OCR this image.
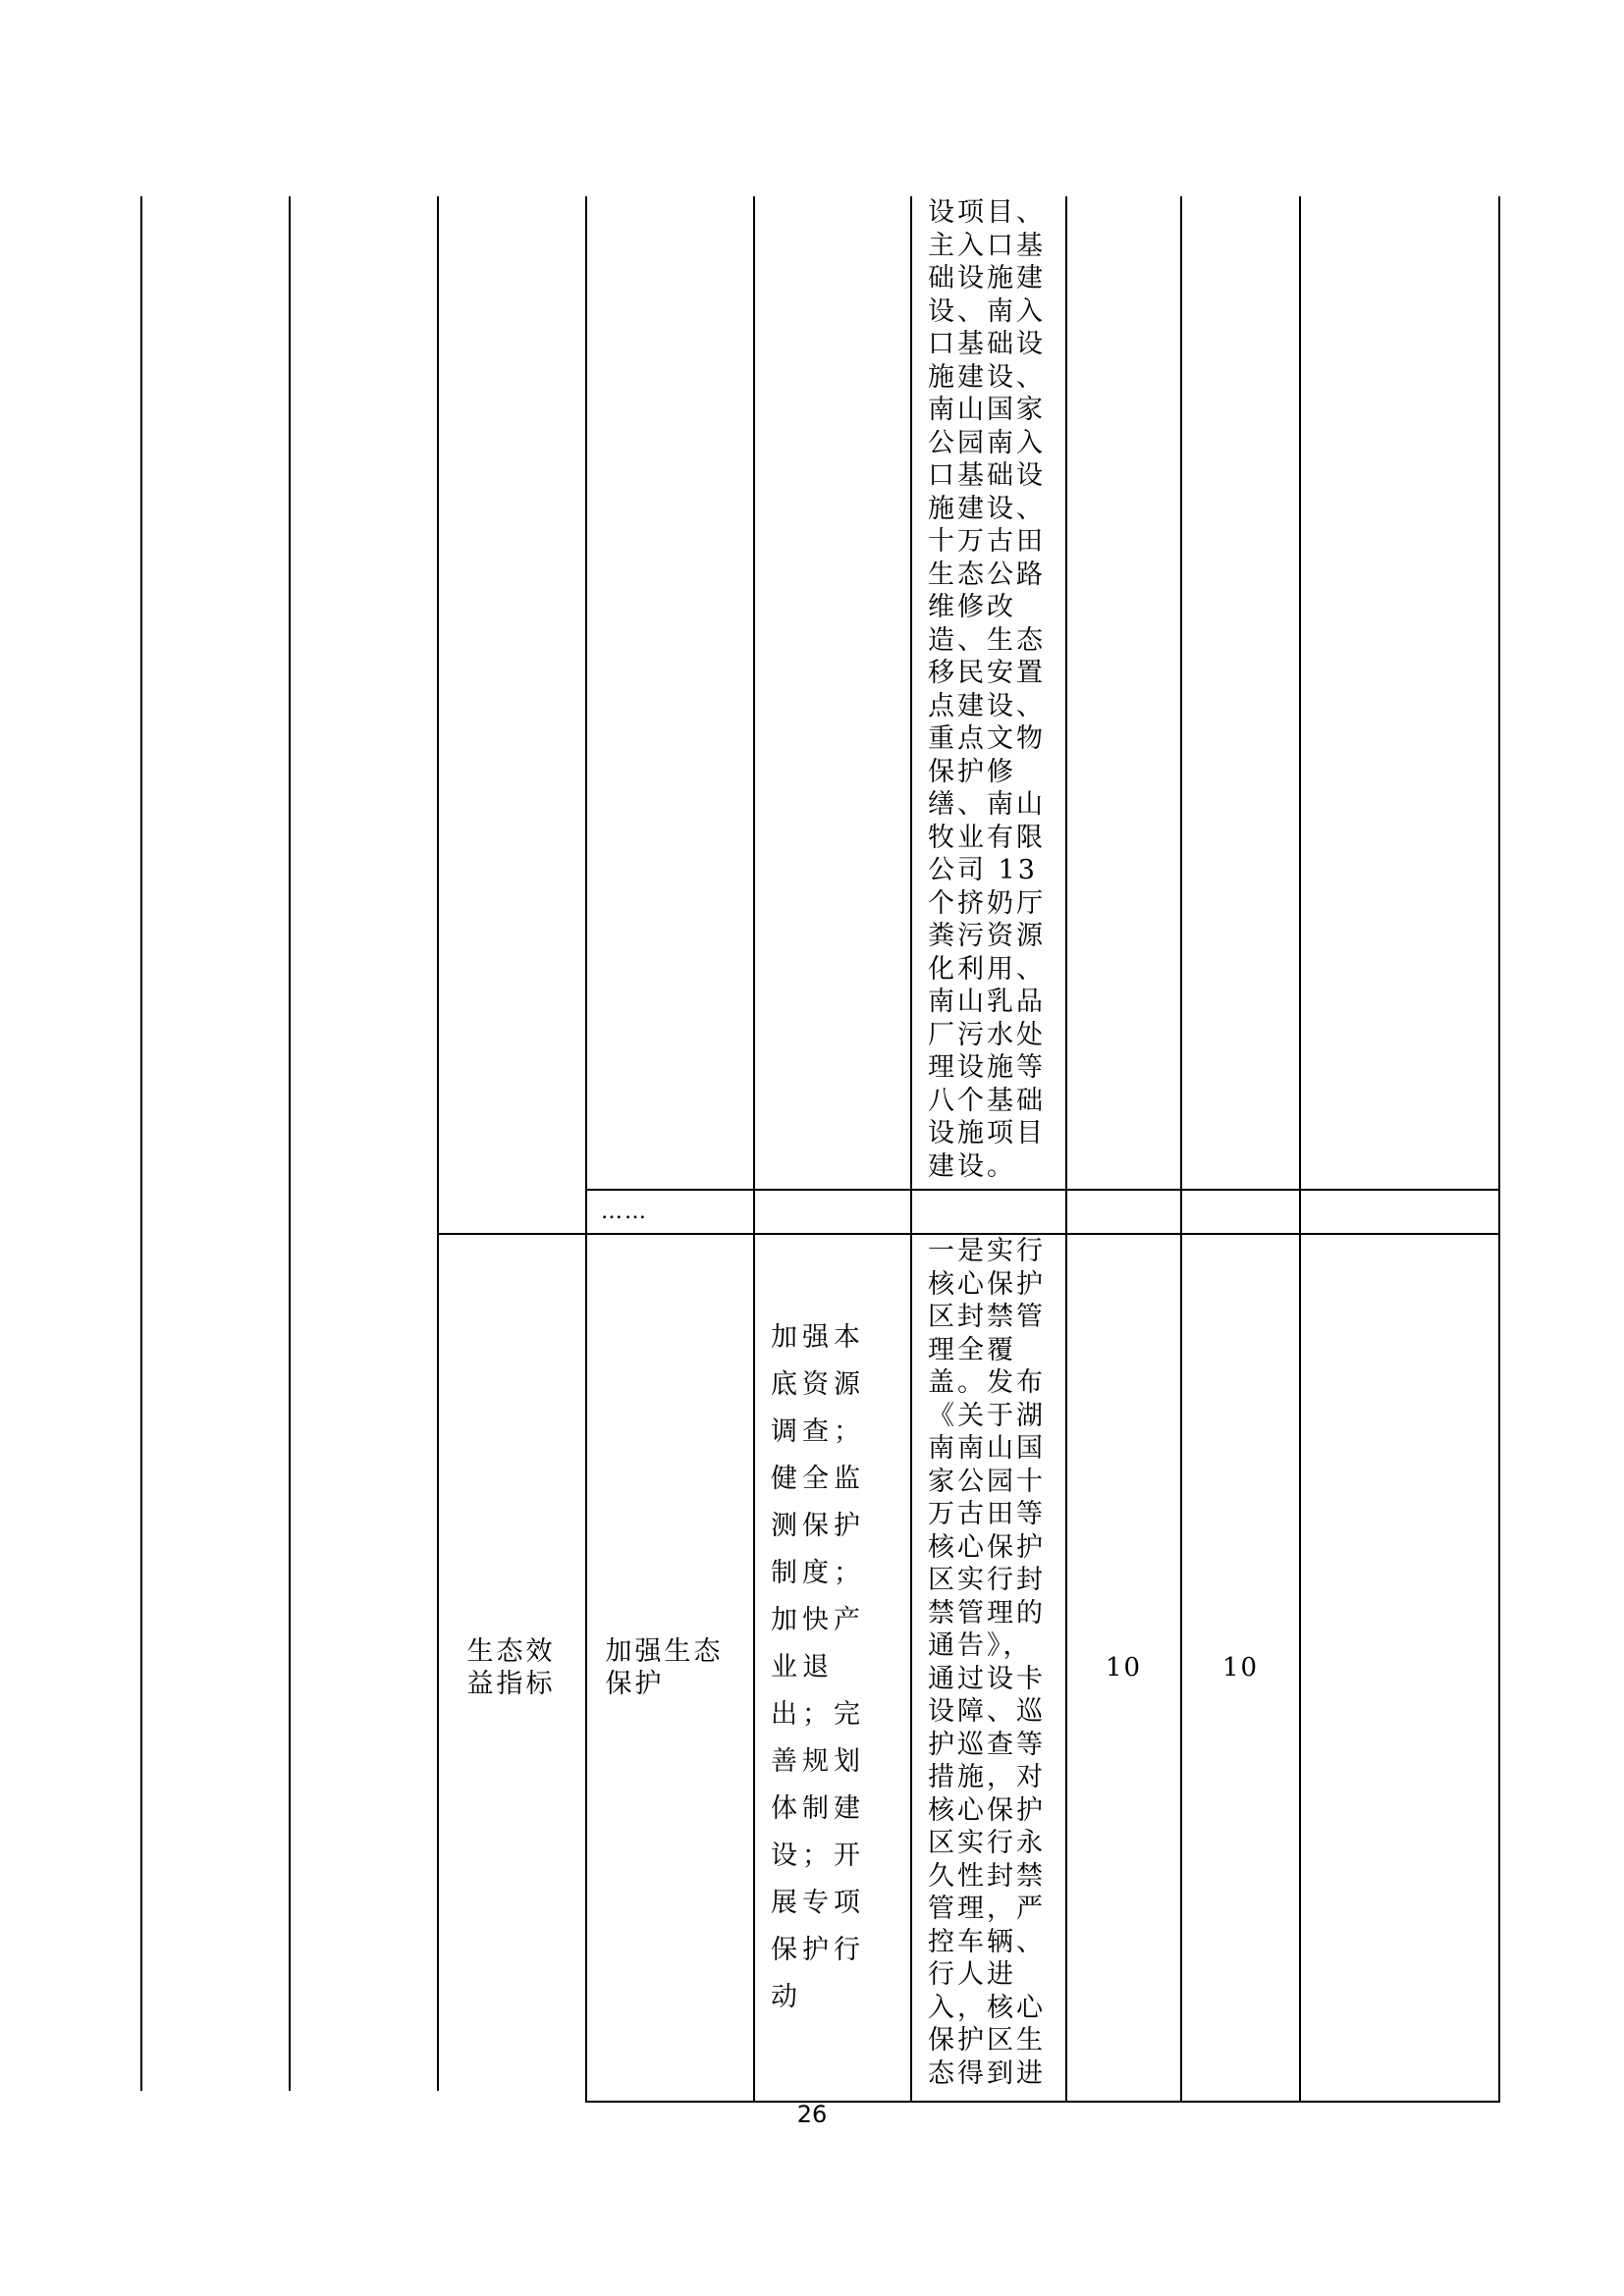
设项目、主入口基础设施建设、南入口基础设施建设、南山国家公园南入口基础设施建设、十万古田生态公路维修改造、生态移民安置点建设、重点文物保护修缮、南山牧业有限公司 13 个挤奶厅粪污资源化利用、南山乳品厂污水处理设施等八个基础设施项目建设。
……
生态效益指标
加强生态保护
加强本底资源调查；健全监测保护制度；加快产业退出；完善规划体制建设；开展专项保护行动
一是实行核心保护区封禁管理全覆盖。发布《关于湖南南山国家公园十万古田等核心保护区实行封禁管理的通告》，通过设卡设障、巡护巡查等措施，对核心保护区实行永久性封禁管理，严控车辆、行人进入，核心保护区生态得到进
10	10
26
